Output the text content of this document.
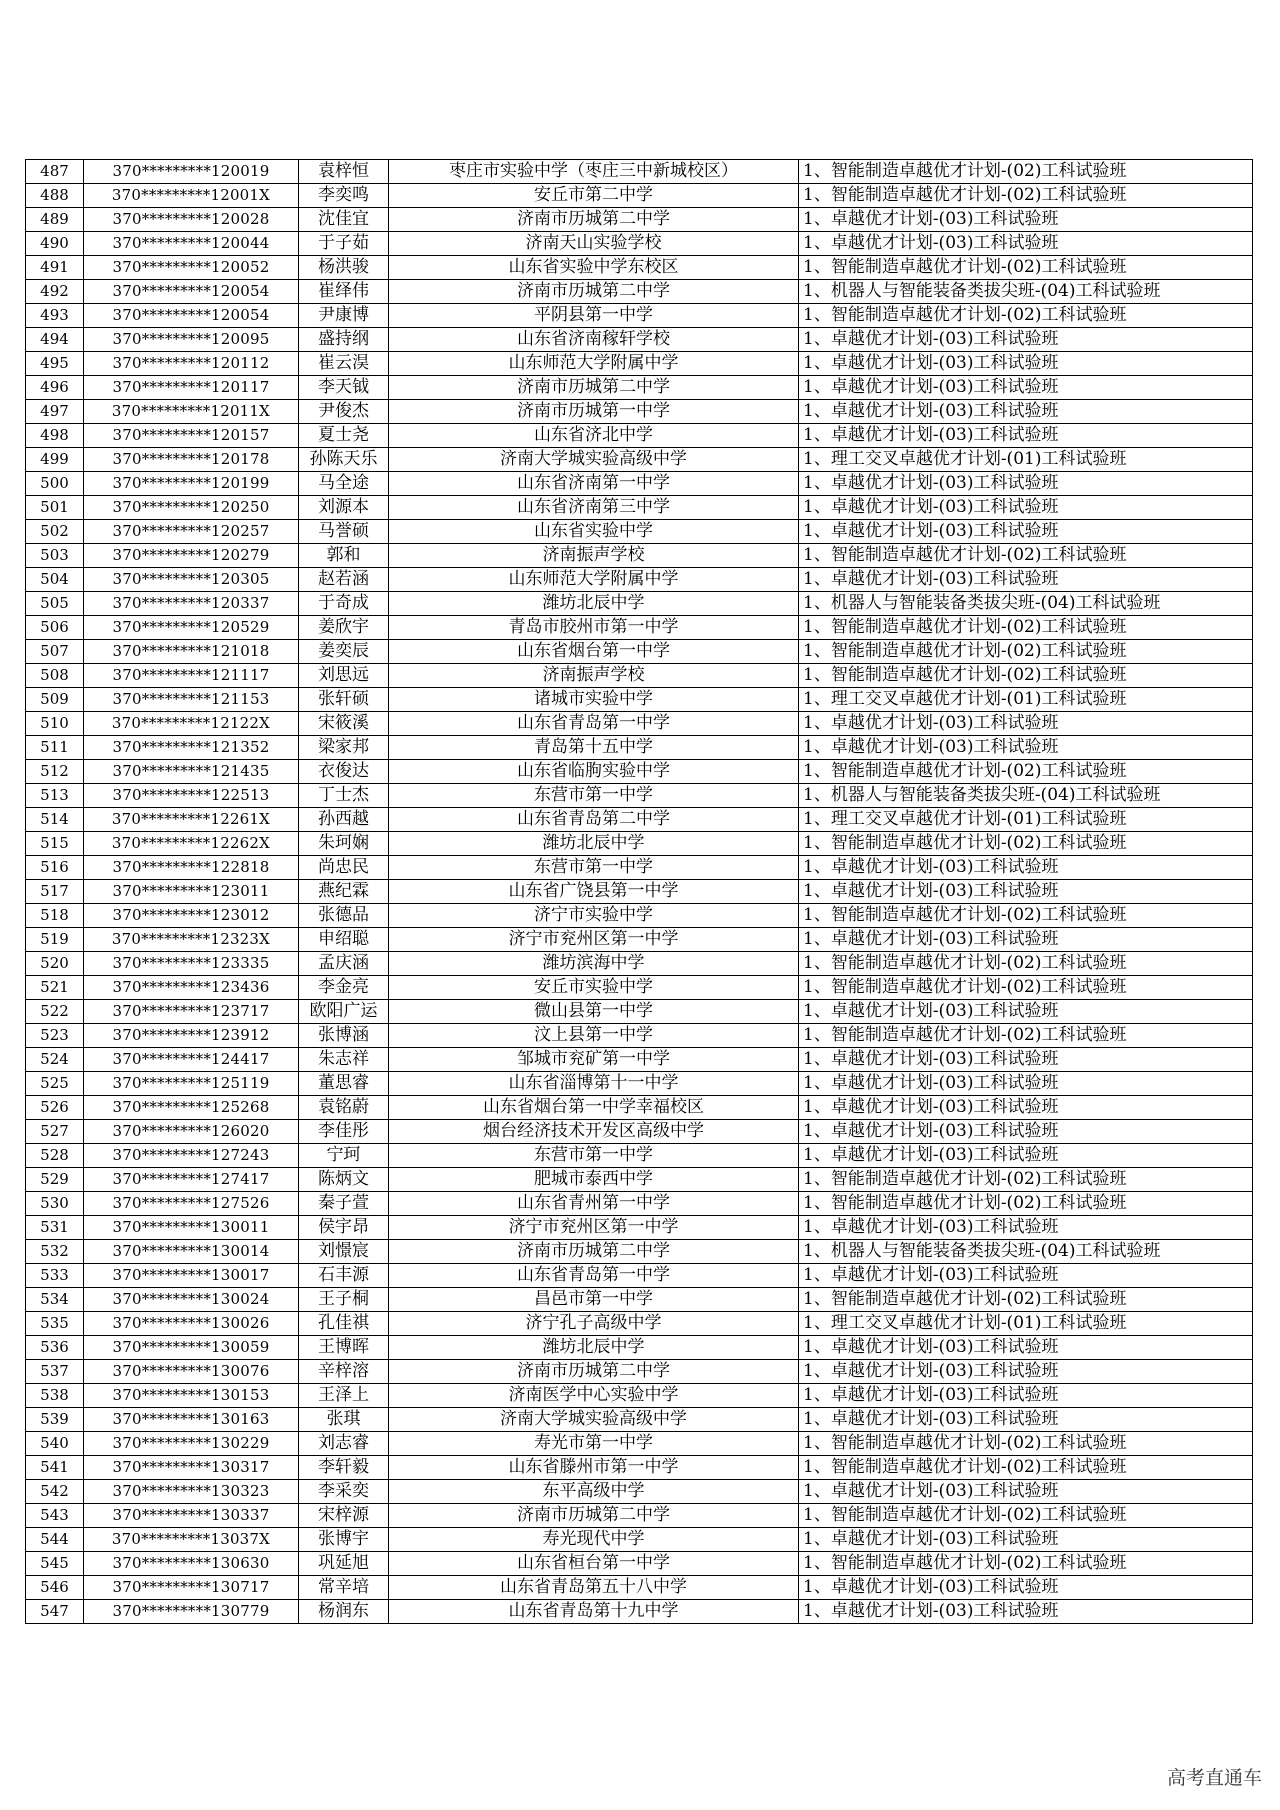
487	370*********120019	袁梓恒	枣庄市实验中学（枣庄三中新城校区）	1、智能制造卓越优才计划-(02)工科试验班
488	370*********12001X	李奕鸣	安丘市第二中学	1、智能制造卓越优才计划-(02)工科试验班
489	370*********120028	沈佳宜	济南市历城第二中学	1、卓越优才计划-(03)工科试验班
490	370*********120044	于子茹	济南天山实验学校	1、卓越优才计划-(03)工科试验班
491	370*********120052	杨洪骏	山东省实验中学东校区	1、智能制造卓越优才计划-(02)工科试验班
492	370*********120054	崔绎伟	济南市历城第二中学	1、机器人与智能装备类拔尖班-(04)工科试验班
493	370*********120054	尹康博	平阴县第一中学	1、智能制造卓越优才计划-(02)工科试验班
494	370*********120095	盛持纲	山东省济南稼轩学校	1、卓越优才计划-(03)工科试验班
495	370*********120112	崔云淏	山东师范大学附属中学	1、卓越优才计划-(03)工科试验班
496	370*********120117	李天钺	济南市历城第二中学	1、卓越优才计划-(03)工科试验班
497	370*********12011X	尹俊杰	济南市历城第一中学	1、卓越优才计划-(03)工科试验班
498	370*********120157	夏士尧	山东省济北中学	1、卓越优才计划-(03)工科试验班
499	370*********120178	孙陈天乐	济南大学城实验高级中学	1、理工交叉卓越优才计划-(01)工科试验班
500	370*********120199	马全途	山东省济南第一中学	1、卓越优才计划-(03)工科试验班
501	370*********120250	刘源本	山东省济南第三中学	1、卓越优才计划-(03)工科试验班
502	370*********120257	马誉硕	山东省实验中学	1、卓越优才计划-(03)工科试验班
503	370*********120279	郭和	济南振声学校	1、智能制造卓越优才计划-(02)工科试验班
504	370*********120305	赵若涵	山东师范大学附属中学	1、卓越优才计划-(03)工科试验班
505	370*********120337	于奇成	潍坊北辰中学	1、机器人与智能装备类拔尖班-(04)工科试验班
506	370*********120529	姜欣宇	青岛市胶州市第一中学	1、智能制造卓越优才计划-(02)工科试验班
507	370*********121018	姜奕辰	山东省烟台第一中学	1、智能制造卓越优才计划-(02)工科试验班
508	370*********121117	刘思远	济南振声学校	1、智能制造卓越优才计划-(02)工科试验班
509	370*********121153	张轩硕	诸城市实验中学	1、理工交叉卓越优才计划-(01)工科试验班
510	370*********12122X	宋筱溪	山东省青岛第一中学	1、卓越优才计划-(03)工科试验班
511	370*********121352	梁家邦	青岛第十五中学	1、卓越优才计划-(03)工科试验班
512	370*********121435	衣俊达	山东省临朐实验中学	1、智能制造卓越优才计划-(02)工科试验班
513	370*********122513	丁士杰	东营市第一中学	1、机器人与智能装备类拔尖班-(04)工科试验班
514	370*********12261X	孙西越	山东省青岛第二中学	1、理工交叉卓越优才计划-(01)工科试验班
515	370*********12262X	朱珂娴	潍坊北辰中学	1、智能制造卓越优才计划-(02)工科试验班
516	370*********122818	尚忠民	东营市第一中学	1、卓越优才计划-(03)工科试验班
517	370*********123011	燕纪霖	山东省广饶县第一中学	1、卓越优才计划-(03)工科试验班
518	370*********123012	张德品	济宁市实验中学	1、智能制造卓越优才计划-(02)工科试验班
519	370*********12323X	申绍聪	济宁市兖州区第一中学	1、卓越优才计划-(03)工科试验班
520	370*********123335	孟庆涵	潍坊滨海中学	1、智能制造卓越优才计划-(02)工科试验班
521	370*********123436	李金亮	安丘市实验中学	1、智能制造卓越优才计划-(02)工科试验班
522	370*********123717	欧阳广运	微山县第一中学	1、卓越优才计划-(03)工科试验班
523	370*********123912	张博涵	汶上县第一中学	1、智能制造卓越优才计划-(02)工科试验班
524	370*********124417	朱志祥	邹城市兖矿第一中学	1、卓越优才计划-(03)工科试验班
525	370*********125119	董思睿	山东省淄博第十一中学	1、卓越优才计划-(03)工科试验班
526	370*********125268	袁铭蔚	山东省烟台第一中学幸福校区	1、卓越优才计划-(03)工科试验班
527	370*********126020	李佳彤	烟台经济技术开发区高级中学	1、卓越优才计划-(03)工科试验班
528	370*********127243	宁珂	东营市第一中学	1、卓越优才计划-(03)工科试验班
529	370*********127417	陈炳文	肥城市泰西中学	1、智能制造卓越优才计划-(02)工科试验班
530	370*********127526	秦子萱	山东省青州第一中学	1、智能制造卓越优才计划-(02)工科试验班
531	370*********130011	侯宇昂	济宁市兖州区第一中学	1、卓越优才计划-(03)工科试验班
532	370*********130014	刘憬宸	济南市历城第二中学	1、机器人与智能装备类拔尖班-(04)工科试验班
533	370*********130017	石丰源	山东省青岛第一中学	1、卓越优才计划-(03)工科试验班
534	370*********130024	王子桐	昌邑市第一中学	1、智能制造卓越优才计划-(02)工科试验班
535	370*********130026	孔佳祺	济宁孔子高级中学	1、理工交叉卓越优才计划-(01)工科试验班
536	370*********130059	王博晖	潍坊北辰中学	1、卓越优才计划-(03)工科试验班
537	370*********130076	辛梓溶	济南市历城第二中学	1、卓越优才计划-(03)工科试验班
538	370*********130153	王泽上	济南医学中心实验中学	1、卓越优才计划-(03)工科试验班
539	370*********130163	张琪	济南大学城实验高级中学	1、卓越优才计划-(03)工科试验班
540	370*********130229	刘志睿	寿光市第一中学	1、智能制造卓越优才计划-(02)工科试验班
541	370*********130317	李轩毅	山东省滕州市第一中学	1、智能制造卓越优才计划-(02)工科试验班
542	370*********130323	李采奕	东平高级中学	1、卓越优才计划-(03)工科试验班
543	370*********130337	宋梓源	济南市历城第二中学	1、智能制造卓越优才计划-(02)工科试验班
544	370*********13037X	张博宇	寿光现代中学	1、卓越优才计划-(03)工科试验班
545	370*********130630	巩延旭	山东省桓台第一中学	1、智能制造卓越优才计划-(02)工科试验班
546	370*********130717	常辛培	山东省青岛第五十八中学	1、卓越优才计划-(03)工科试验班
547	370*********130779	杨润东	山东省青岛第十九中学	1、卓越优才计划-(03)工科试验班
高考直通车
